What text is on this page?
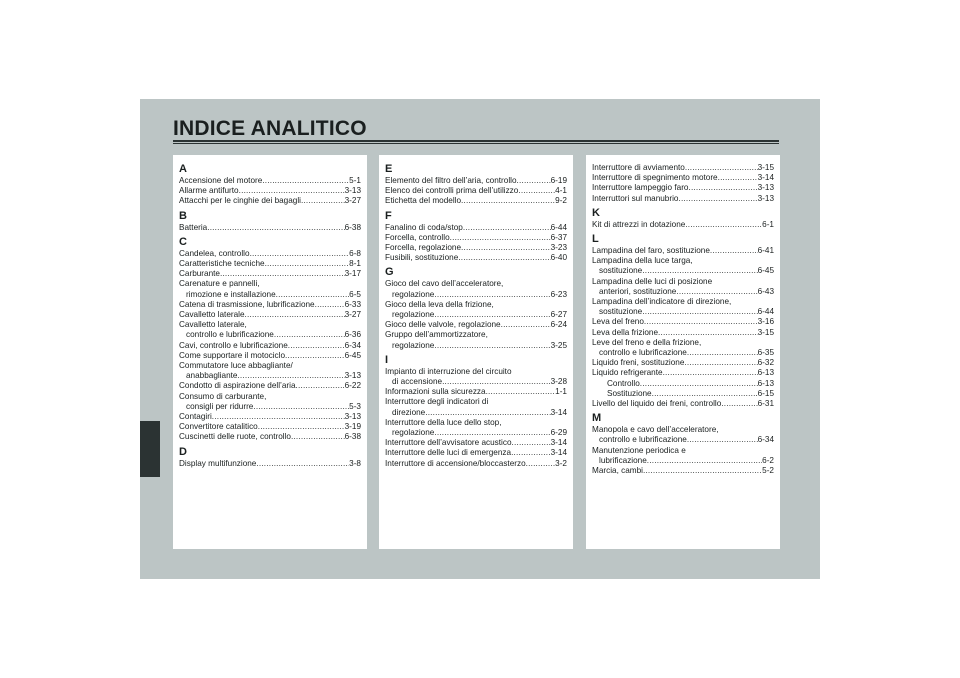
INDICE ANALITICO
A
Accensione del motore .....	5-1
Allarme antifurto .....	3-13
Attacchi per le cinghie dei bagagli .....	3-27
B
Batteria .....	6-38
C
Candelea, controllo .....	6-8
Caratteristiche tecniche .....	8-1
Carburante .....	3-17
Carenature e pannelli,
rimozione e installazione .....	6-5
Catena di trasmissione, lubrificazione .....	6-33
Cavalletto laterale .....	3-27
Cavalletto laterale,
controllo e lubrificazione .....	6-36
Cavi, controllo e lubrificazione .....	6-34
Come supportare il motociclo .....	6-45
Commutatore luce abbagliante/
anabbagliante .....	3-13
Condotto di aspirazione dell’aria .....	6-22
Consumo di carburante,
consigli per ridurre .....	5-3
Contagiri .....	3-13
Convertitore catalitico .....	3-19
Cuscinetti delle ruote, controllo .....	6-38
D
Display multifunzione .....	3-8
E
Elemento del filtro dell’aria, controllo .....	6-19
Elenco dei controlli prima dell’utilizzo .....	4-1
Etichetta del modello .....	9-2
F
Fanalino di coda/stop .....	6-44
Forcella, controllo .....	6-37
Forcella, regolazione .....	3-23
Fusibili, sostituzione .....	6-40
G
Gioco del cavo dell’acceleratore,
regolazione .....	6-23
Gioco della leva della frizione,
regolazione .....	6-27
Gioco delle valvole, regolazione .....	6-24
Gruppo dell’ammortizzatore,
regolazione .....	3-25
I
Impianto di interruzione del circuito
di accensione .....	3-28
Informazioni sulla sicurezza .....	1-1
Interruttore degli indicatori di
direzione .....	3-14
Interruttore della luce dello stop,
regolazione .....	6-29
Interruttore dell’avvisatore acustico .....	3-14
Interruttore delle luci di emergenza .....	3-14
Interruttore di accensione/bloccasterzo .....	3-2
Interruttore di avviamento .....	3-15
Interruttore di spegnimento motore .....	3-14
Interruttore lampeggio faro .....	3-13
Interruttori sul manubrio .....	3-13
K
Kit di attrezzi in dotazione .....	6-1
L
Lampadina del faro, sostituzione .....	6-41
Lampadina della luce targa,
sostituzione .....	6-45
Lampadina delle luci di posizione
anteriori, sostituzione .....	6-43
Lampadina dell’indicatore di direzione,
sostituzione .....	6-44
Leva del freno .....	3-16
Leva della frizione .....	3-15
Leve del freno e della frizione,
controllo e lubrificazione .....	6-35
Liquido freni, sostituzione .....	6-32
Liquido refrigerante .....	6-13
Controllo .....	6-13
Sostituzione .....	6-15
Livello del liquido dei freni, controllo .....	6-31
M
Manopola e cavo dell’acceleratore,
controllo e lubrificazione .....	6-34
Manutenzione periodica e
lubrificazione .....	6-2
Marcia, cambi .....	5-2
